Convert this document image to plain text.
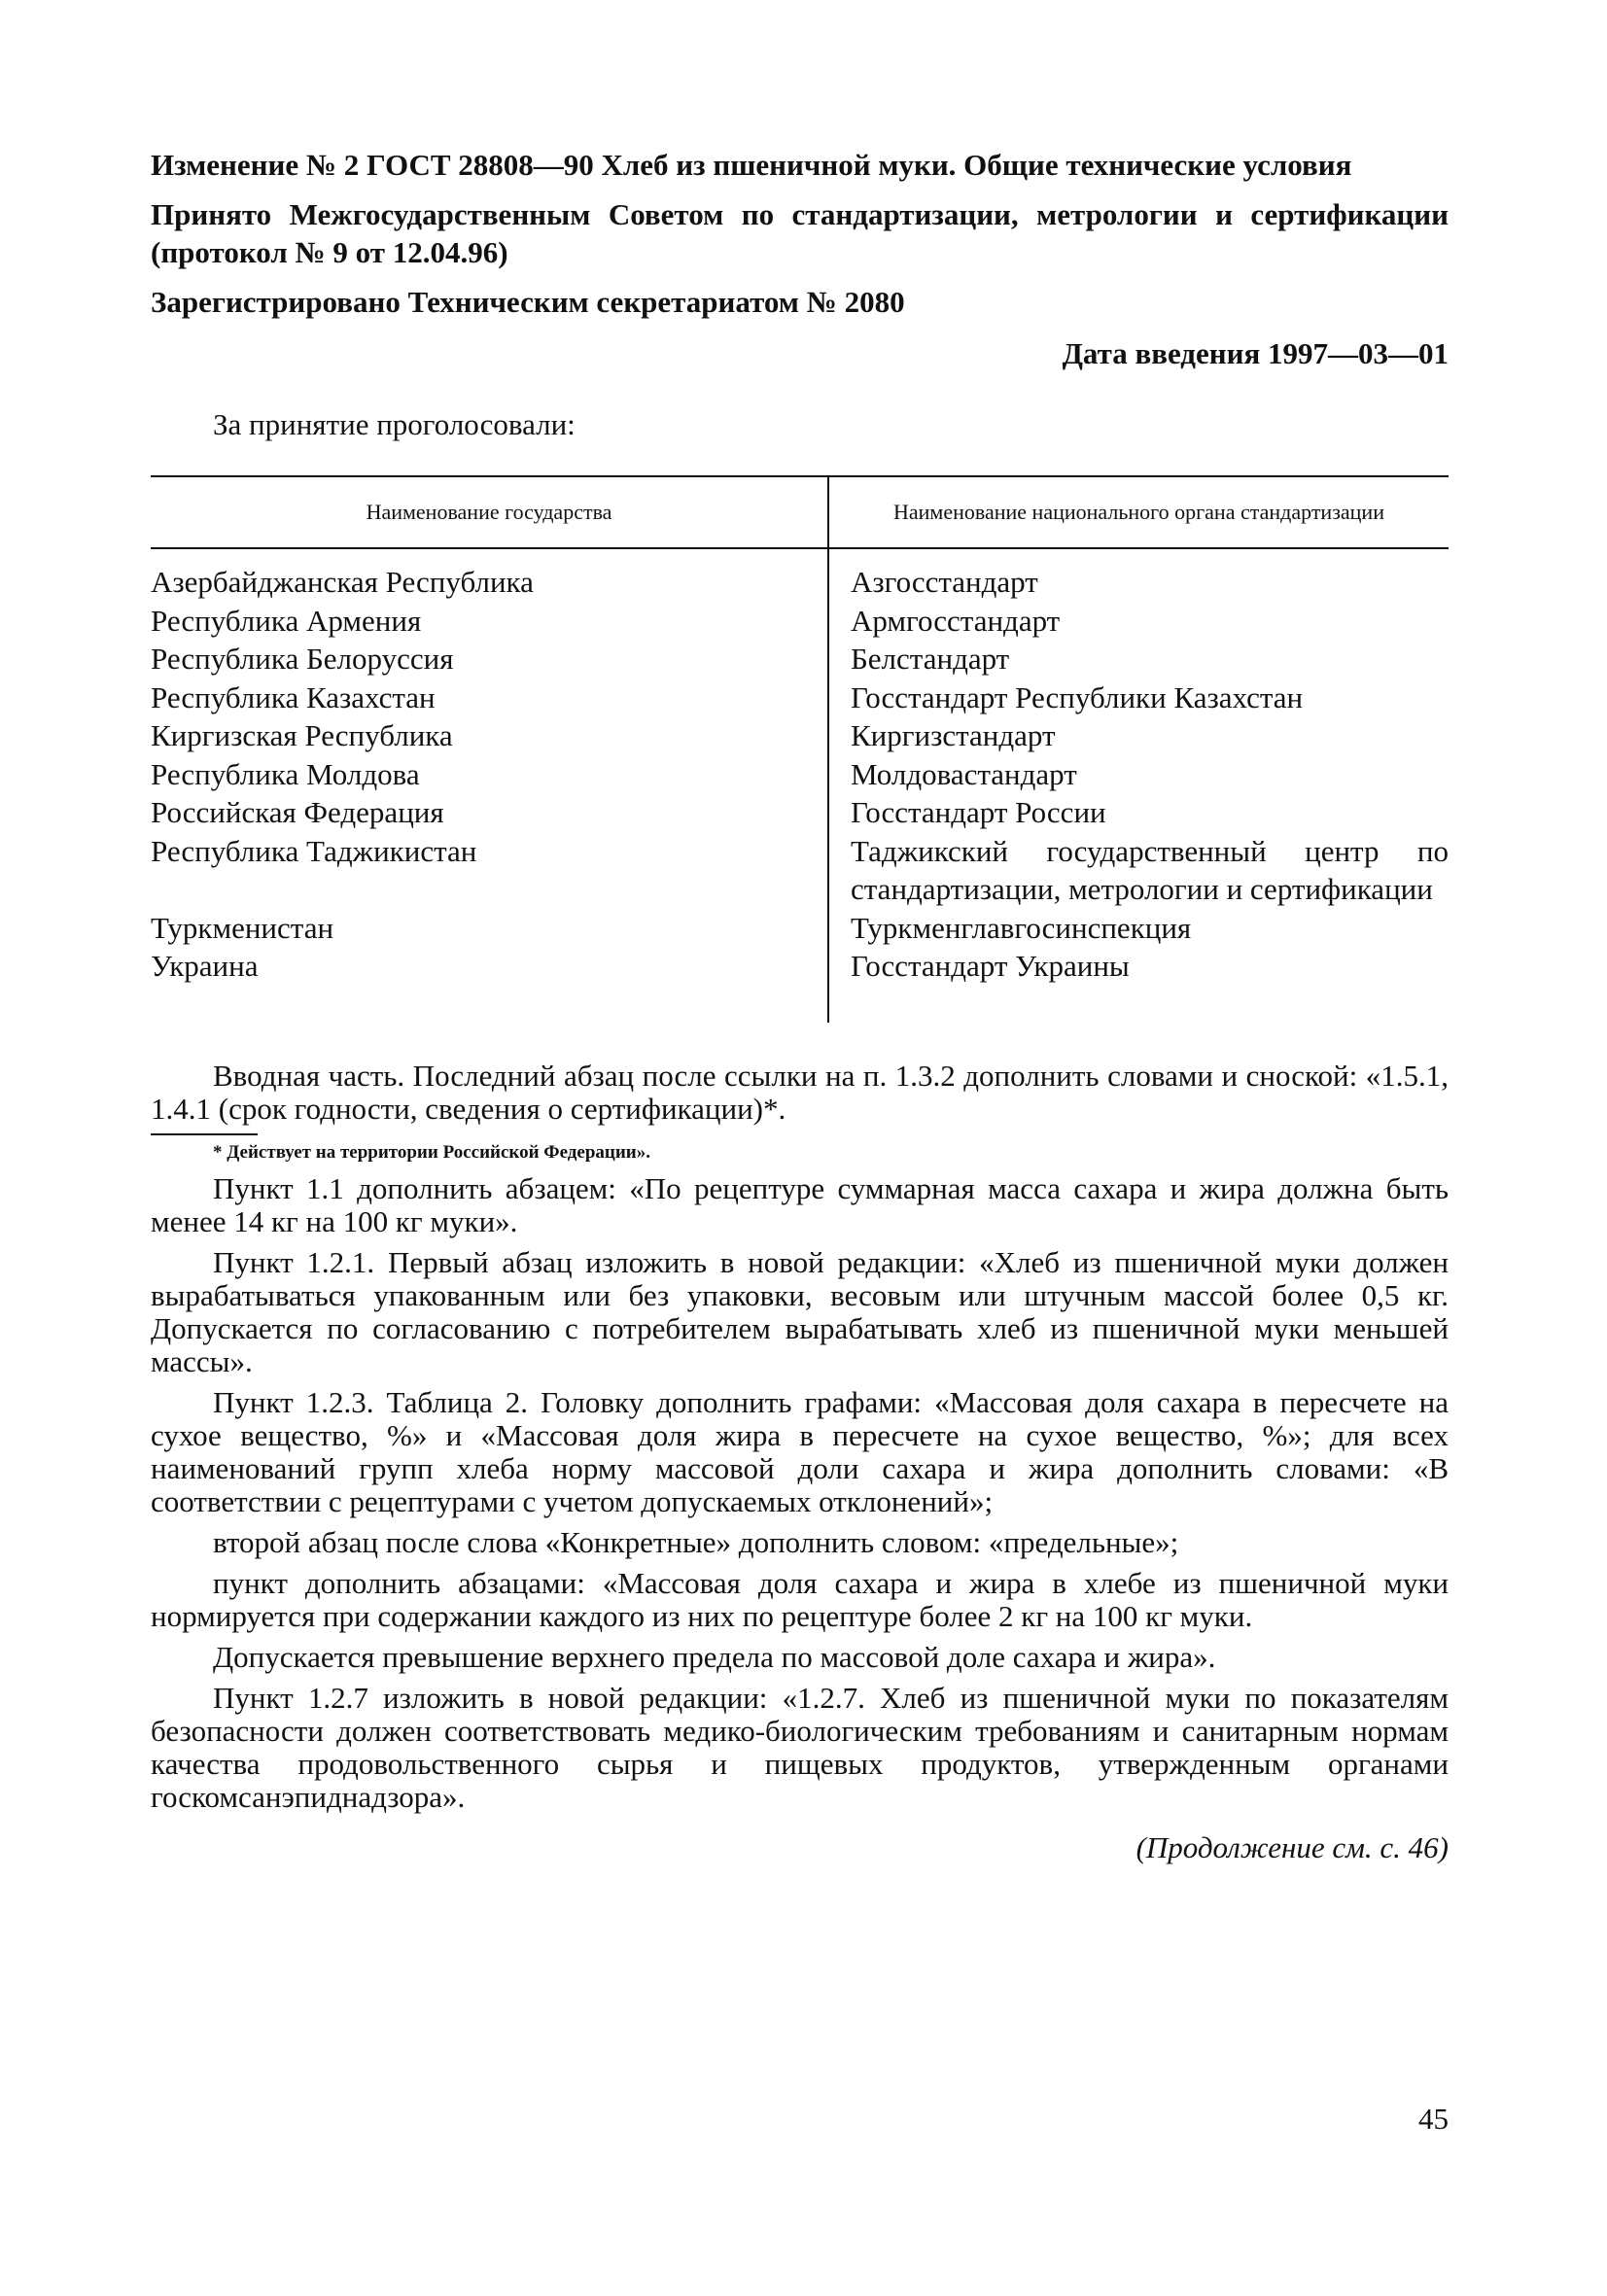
Изменение № 2 ГОСТ 28808—90 Хлеб из пшеничной муки. Общие технические условия

Принято Межгосударственным Советом по стандартизации, метрологии и сертификации (протокол № 9 от 12.04.96)

Зарегистрировано Техническим секретариатом № 2080

Дата введения 1997—03—01

За принятие проголосовали:

Наименование государства	Наименование национального органа стандартизации
Азербайджанская Республика	Азгосстандарт
Республика Армения	Армгосстандарт
Республика Белоруссия	Белстандарт
Республика Казахстан	Госстандарт Республики Казахстан
Киргизская Республика	Киргизстандарт
Республика Молдова	Молдовастандарт
Российская Федерация	Госстандарт России
Республика Таджикистан	Таджикский государственный центр по стандартизации, метрологии и сертификации
Туркменистан	Туркменглавгосинспекция
Украина	Госстандарт Украины

Вводная часть. Последний абзац после ссылки на п. 1.3.2 дополнить словами и сноской: «1.5.1, 1.4.1 (срок годности, сведения о сертификации)*.

* Действует на территории Российской Федерации».

Пункт 1.1 дополнить абзацем: «По рецептуре суммарная масса сахара и жира должна быть менее 14 кг на 100 кг муки».

Пункт 1.2.1. Первый абзац изложить в новой редакции: «Хлеб из пшеничной муки должен вырабатываться упакованным или без упаковки, весовым или штучным массой более 0,5 кг. Допускается по согласованию с потребителем вырабатывать хлеб из пшеничной муки меньшей массы».

Пункт 1.2.3. Таблица 2. Головку дополнить графами: «Массовая доля сахара в пересчете на сухое вещество, %» и «Массовая доля жира в пересчете на сухое вещество, %»; для всех наименований групп хлеба норму массовой доли сахара и жира дополнить словами: «В соответствии с рецептурами с учетом допускаемых отклонений»;

второй абзац после слова «Конкретные» дополнить словом: «предельные»;

пункт дополнить абзацами: «Массовая доля сахара и жира в хлебе из пшеничной муки нормируется при содержании каждого из них по рецептуре более 2 кг на 100 кг муки.

Допускается превышение верхнего предела по массовой доле сахара и жира».

Пункт 1.2.7 изложить в новой редакции: «1.2.7. Хлеб из пшеничной муки по показателям безопасности должен соответствовать медико-биологическим требованиям и санитарным нормам качества продовольственного сырья и пищевых продуктов, утвержденным органами госкомсанэпиднадзора».

(Продолжение см. с. 46)

45
